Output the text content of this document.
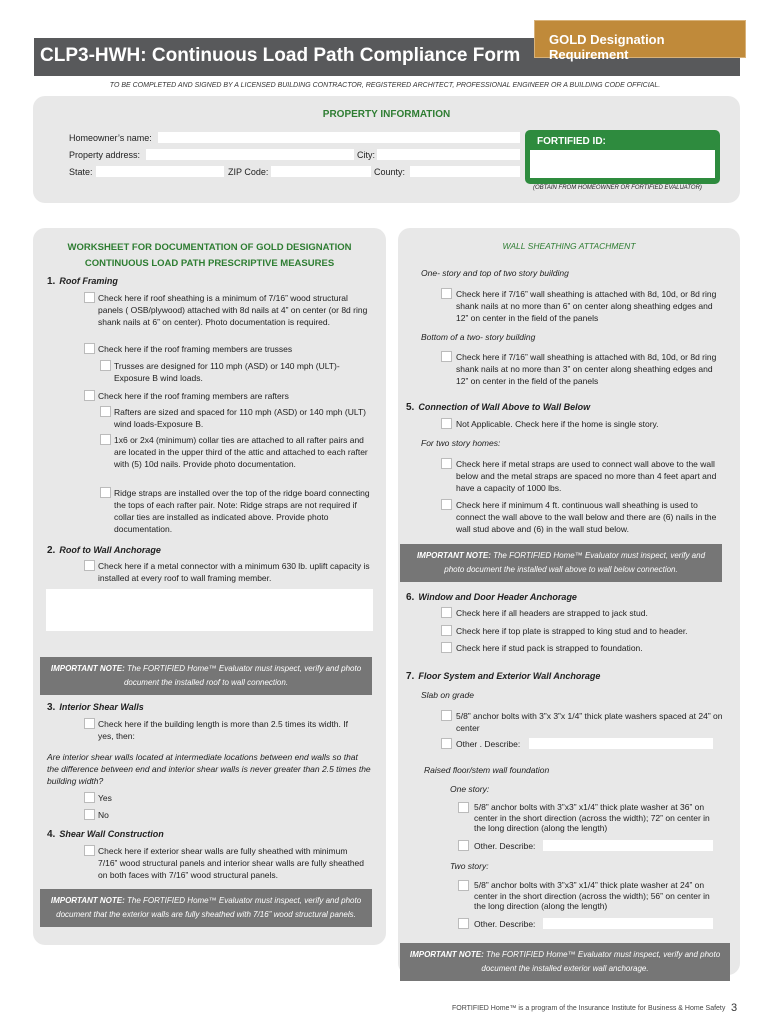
CLP3-HWH: Continuous Load Path Compliance Form
GOLD Designation Requirement
TO BE COMPLETED AND SIGNED BY A LICENSED BUILDING CONTRACTOR, REGISTERED ARCHITECT, PROFESSIONAL ENGINEER OR A BUILDING CODE OFFICIAL.
PROPERTY INFORMATION
Homeowner’s name:
Property address:	City:
State:	ZIP Code:	County:
FORTIFIED ID:
(OBTAIN FROM HOMEOWNER OR FORTIFIED EVALUATOR)
WORKSHEET FOR DOCUMENTATION OF GOLD DESIGNATION
CONTINUOUS LOAD PATH PRESCRIPTIVE MEASURES
1. Roof Framing
Check here if roof sheathing is a minimum of 7/16” wood structural panels ( OSB/plywood) attached with 8d nails at 4” on center (or 8d ring shank nails at 6” on center). Photo documentation is required.
Check here if the roof framing members are trusses
Trusses are designed for 110 mph (ASD) or 140 mph (ULT)-Exposure B wind loads.
Check here if the roof framing members are rafters
Rafters are sized and spaced for 110 mph (ASD) or 140 mph (ULT) wind loads-Exposure B.
1x6 or 2x4 (minimum) collar ties are attached to all rafter pairs and are located in the upper third of the attic and attached to each rafter with (5) 10d nails. Provide photo documentation.
Ridge straps are installed over the top of the ridge board connecting the tops of each rafter pair. Note: Ridge straps are not required if collar ties are installed as indicated above. Provide photo documentation.
2. Roof to Wall Anchorage
Check here if a metal connector with a minimum 630 lb. uplift capacity is installed at every roof to wall framing member.
IMPORTANT NOTE: The FORTIFIED Home™ Evaluator must inspect, verify and photo document the installed roof to wall connection.
3. Interior Shear Walls
Check here if the building length is more than 2.5 times its width. If yes, then:
Are interior shear walls located at intermediate locations between end walls so that the difference between end and interior shear walls is never greater than 2.5 times the building width?
Yes
No
4. Shear Wall Construction
Check here if exterior shear walls are fully sheathed with minimum 7/16” wood structural panels and interior shear walls are fully sheathed on both faces with 7/16” wood structural panels.
IMPORTANT NOTE: The FORTIFIED Home™ Evaluator must inspect, verify and photo document that the exterior walls are fully sheathed with 7/16” wood structural panels.
WALL SHEATHING ATTACHMENT
One- story and top of two story building
Check here if 7/16” wall sheathing is attached with 8d, 10d, or 8d ring shank nails at no more than 6” on center along sheathing edges and 12” on center in the field of the panels
Bottom of a two- story building
Check here if 7/16” wall sheathing is attached with 8d, 10d, or 8d ring shank nails at no more than 3” on center along sheathing edges and 12” on center in the field of the panels
5. Connection of Wall Above to Wall Below
Not Applicable. Check here if the home is single story.
For two story homes:
Check here if metal straps are used to connect wall above to the wall below and the metal straps are spaced no more than 4 feet apart and have a capacity of 1000 lbs.
Check here if minimum 4 ft. continuous wall sheathing is used to connect the wall above to the wall below and there are (6) nails in the wall stud above and (6) in the wall stud below.
IMPORTANT NOTE: The FORTIFIED Home™ Evaluator must inspect, verify and photo document the installed wall above to wall below connection.
6. Window and Door Header Anchorage
Check here if all headers are strapped to jack stud.
Check here if top plate is strapped to king stud and to header.
Check here if stud pack is strapped to foundation.
7. Floor System and Exterior Wall Anchorage
Slab on grade
5/8” anchor bolts with 3”x 3”x 1/4” thick plate washers spaced at 24” on center
Other . Describe:
Raised floor/stem wall foundation
One story:
5/8” anchor bolts with 3”x3” x1/4” thick plate washer at 36” on center in the short direction (across the width); 72” on center in the long direction (along the length)
Other. Describe:
Two story:
5/8” anchor bolts with 3”x3” x1/4” thick plate washer at 24” on center in the short direction (across the width); 56” on center in the long direction (along the length)
Other. Describe:
IMPORTANT NOTE: The FORTIFIED Home™ Evaluator must inspect, verify and photo document the installed exterior wall anchorage.
FORTIFIED Home™ is a program of the Insurance Institute for Business & Home Safety 3
